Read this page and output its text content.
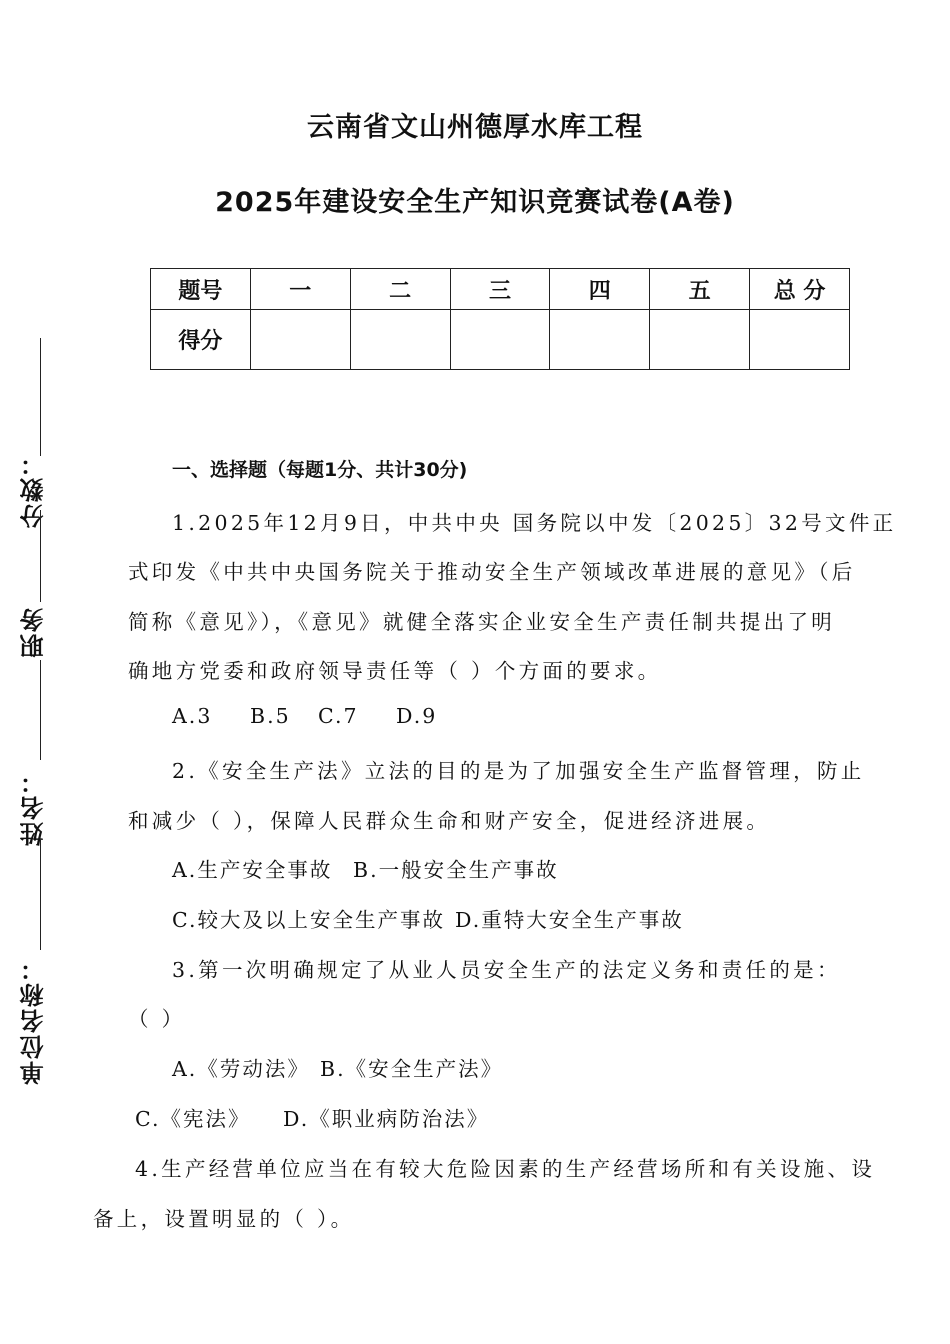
云南省文山州德厚水库工程
2025年建设安全生产知识竞赛试卷(A卷)
题号	一	二	三	四	五	总 分
得分						
分数：
职务
姓名：
单位名称：
一、选择题（每题1分、共计30分)
1.2025年12月9日，中共中央 国务院以中发〔2025〕32号文件正
式印发《中共中央国务院关于推动安全生产领域改革进展的意见》（后
简称《意见》），《意见》就健全落实企业安全生产责任制共提出了明
确地方党委和政府领导责任等（ ）个方面的要求。
A.3 B.5 C.7 D.9
2.《安全生产法》立法的目的是为了加强安全生产监督管理，防止
和减少（ ），保障人民群众生命和财产安全，促进经济进展。
A.生产安全事故 B.一般安全生产事故
C.较大及以上安全生产事故 D.重特大安全生产事故
3.第一次明确规定了从业人员安全生产的法定义务和责任的是：
（ ）
A.《劳动法》 B.《安全生产法》
C.《宪法》 D.《职业病防治法》
4.生产经营单位应当在有较大危险因素的生产经营场所和有关设施、设
备上，设置明显的（ ）。
